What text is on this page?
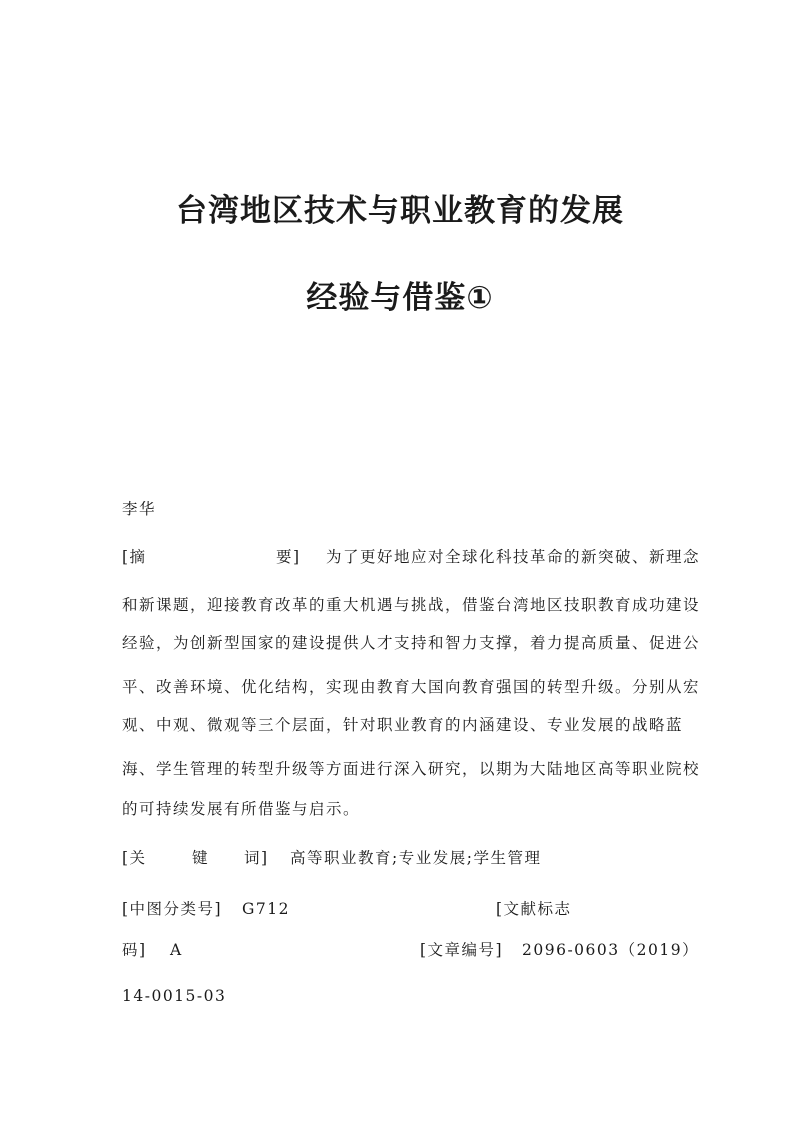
台湾地区技术与职业教育的发展
经验与借鉴①
李华
[摘	要] 为了更好地应对全球化科技革命的新突破、新理念
和新课题，迎接教育改革的重大机遇与挑战，借鉴台湾地区技职教育成功建设
经验，为创新型国家的建设提供人才支持和智力支撑，着力提高质量、促进公
平、改善环境、优化结构，实现由教育大国向教育强国的转型升级。分别从宏
观、中观、微观等三个层面，针对职业教育的内涵建设、专业发展的战略蓝
海、学生管理的转型升级等方面进行深入研究，以期为大陆地区高等职业院校
的可持续发展有所借鉴与启示。
[关	键 词] 高等职业教育;专业发展;学生管理
[中图分类号] G712	[文献标志
码] A	[文章编号] 2096-0603（2019）
14-0015-03
